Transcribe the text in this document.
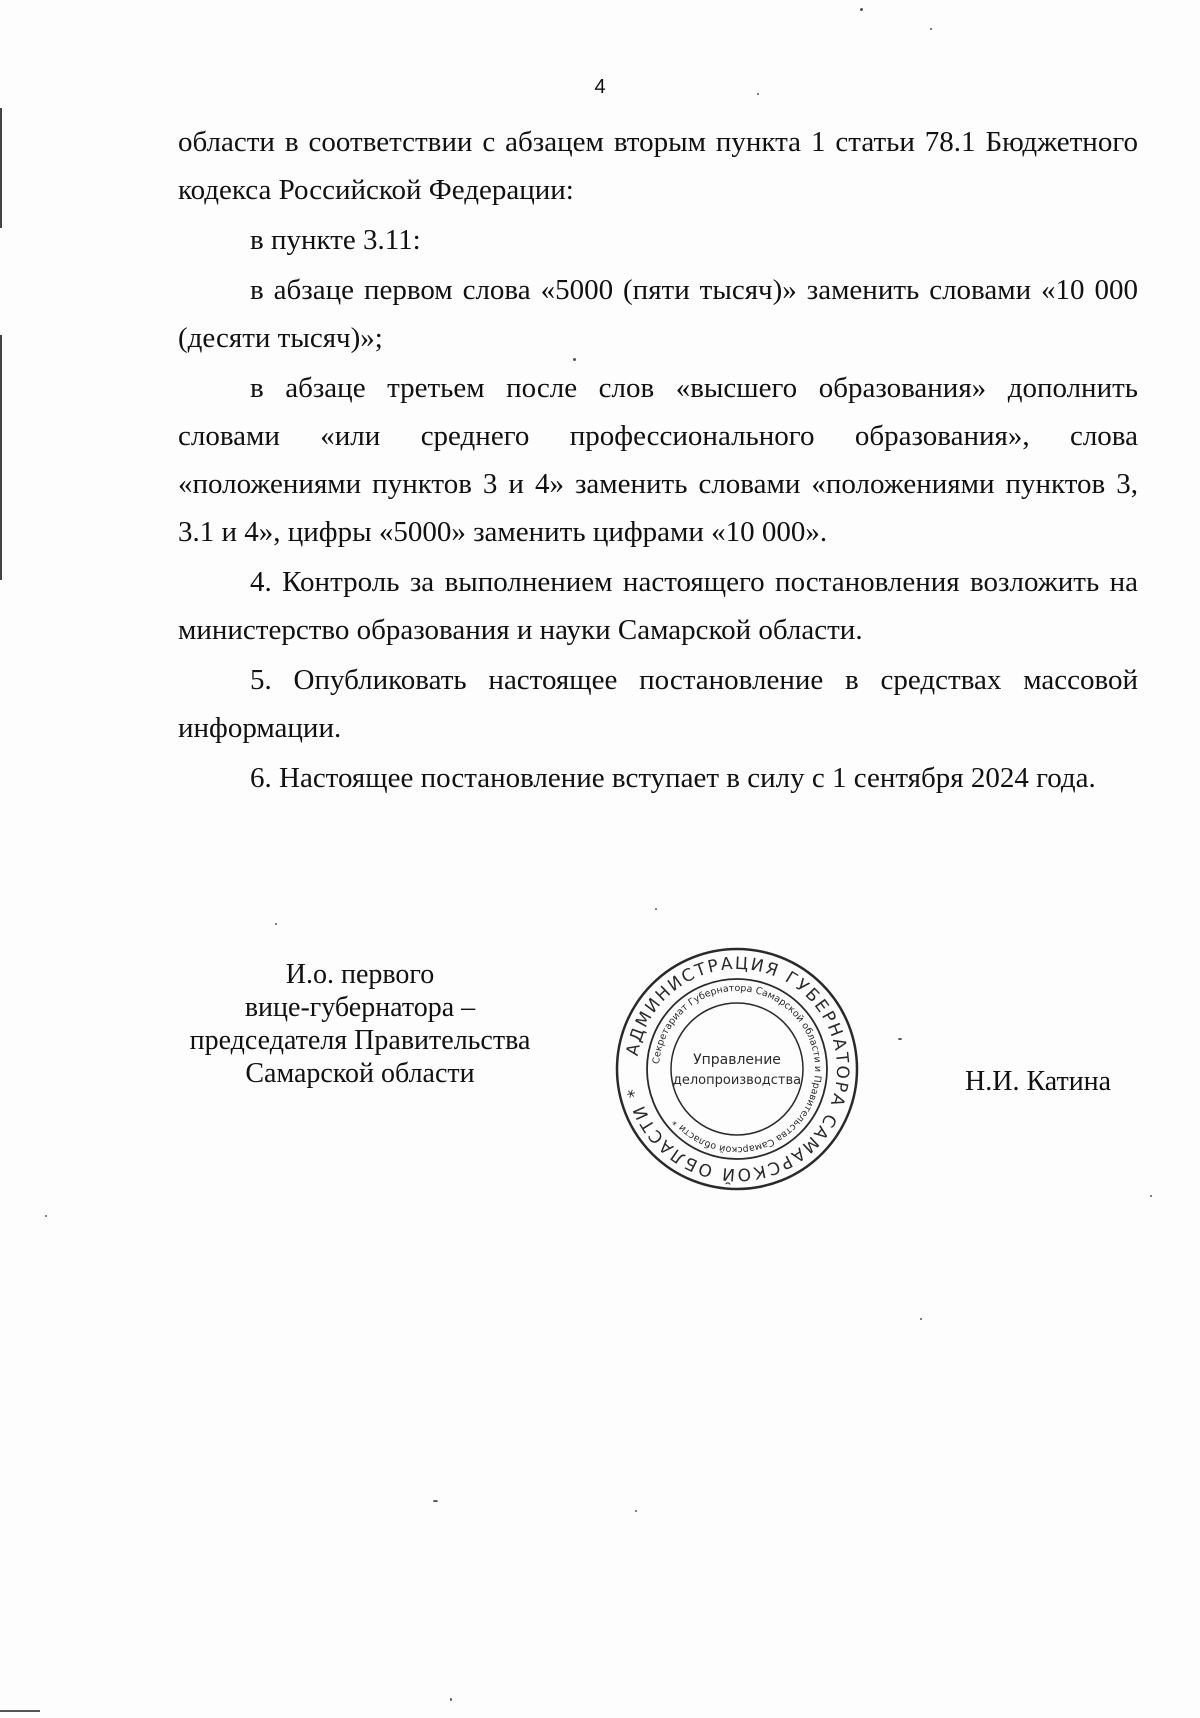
4

области в соответствии с абзацем вторым пункта 1 статьи 78.1 Бюджетного кодекса Российской Федерации:

в пункте 3.11:

в абзаце первом слова «5000 (пяти тысяч)» заменить словами «10 000 (десяти тысяч)»;

в абзаце третьем после слов «высшего образования» дополнить словами «или среднего профессионального образования», слова «положениями пунктов 3 и 4» заменить словами «положениями пунктов 3, 3.1 и 4», цифры «5000» заменить цифрами «10 000».

4. Контроль за выполнением настоящего постановления возложить на министерство образования и науки Самарской области.

5. Опубликовать настоящее постановление в средствах массовой информации.

6. Настоящее постановление вступает в силу с 1 сентября 2024 года.

И.о. первого
вице-губернатора –
председателя Правительства
Самарской области
АДМИНИСТРАЦИЯ ГУБЕРНАТОРА САМАРСКОЙ ОБЛАСТИ *
Секретариат Губернатора Самарской области и Правительства Самарской области *
Управление
делопроизводства	Н.И. Катина
